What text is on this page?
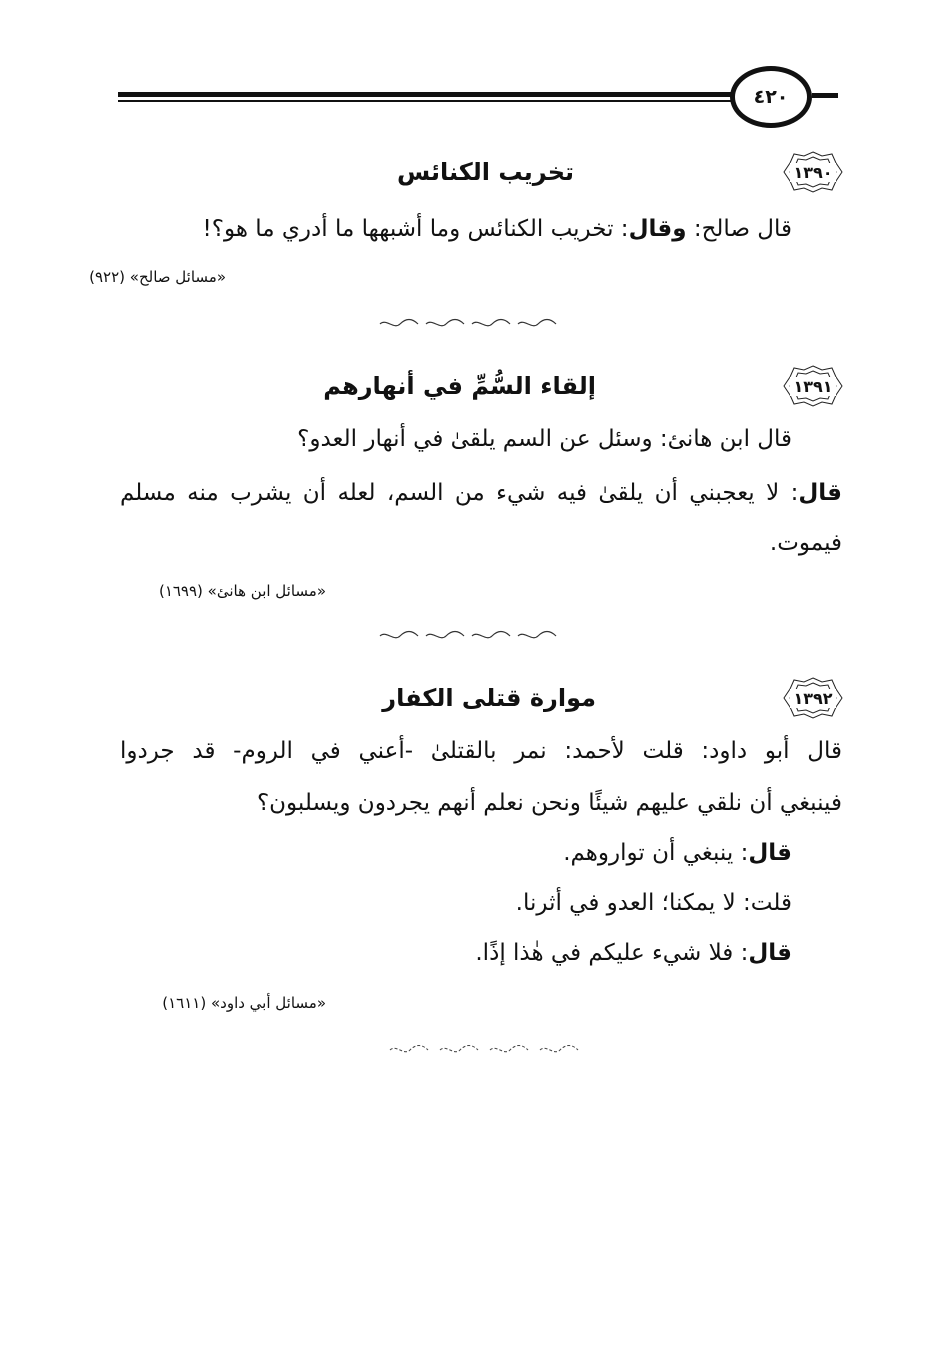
٤٢٠
١٣٩٠
تخريب الكنائس
قال صالح: وقال: تخريب الكنائس وما أشبهها ما أدري ما هو؟!
«مسائل صالح» (٩٢٢)
١٣٩١
إلقاء السُّمِّ في أنهارهم
قال ابن هانئ: وسئل عن السم يلقىٰ في أنهار العدو؟
قال: لا يعجبني أن يلقىٰ فيه شيء من السم، لعله أن يشرب منه مسلم
فيموت.
«مسائل ابن هانئ» (١٦٩٩)
١٣٩٢
موارة قتلى الكفار
قال أبو داود: قلت لأحمد: نمر بالقتلىٰ -أعني في الروم- قد جردوا
فينبغي أن نلقي عليهم شيئًا ونحن نعلم أنهم يجردون ويسلبون؟
قال: ينبغي أن تواروهم.
قلت: لا يمكنا؛ العدو في أثرنا.
قال: فلا شيء عليكم في هٰذا إذًا.
«مسائل أبي داود» (١٦١١)
